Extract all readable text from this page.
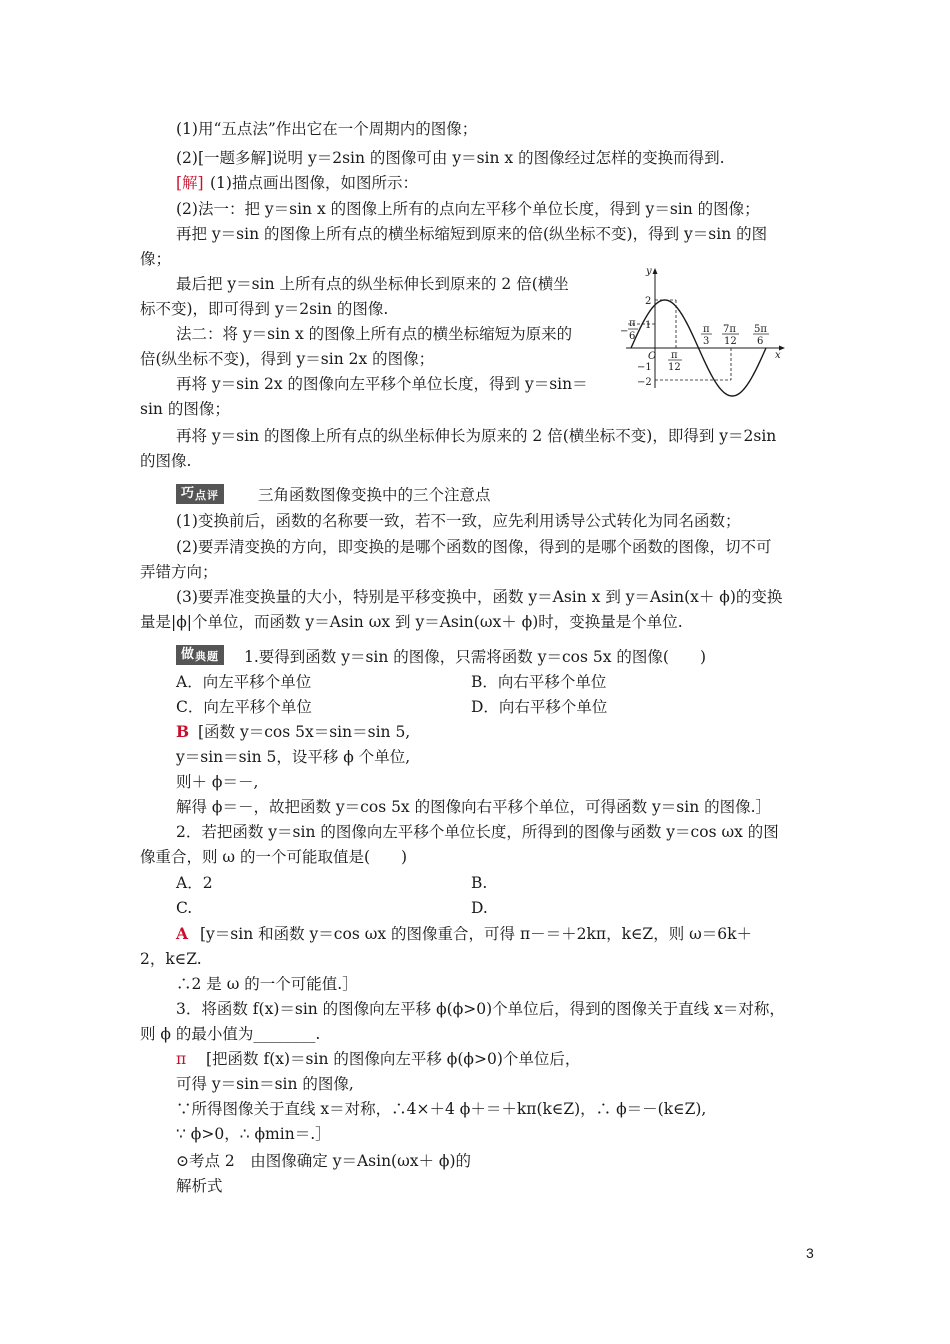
(1)用“五点法”作出它在一个周期内的图像；
(2)[一题多解]说明 y＝2sin 的图像可由 y＝sin x 的图像经过怎样的变换而得到.
[解] (1)描点画出图像，如图所示：
(2)法一：把 y＝sin x 的图像上所有的点向左平移个单位长度，得到 y＝sin 的图像；
再把 y＝sin 的图像上所有点的横坐标缩短到原来的倍(纵坐标不变)，得到 y＝sin 的图
像；
最后把 y＝sin 上所有点的纵坐标伸长到原来的 2 倍(横坐
标不变)，即可得到 y＝2sin 的图像.
法二：将 y＝sin x 的图像上所有点的横坐标缩短为原来的
倍(纵坐标不变)，得到 y＝sin 2x 的图像；
再将 y＝sin 2x 的图像向左平移个单位长度，得到 y＝sin＝
sin 的图像；
再将 y＝sin 的图像上所有点的纵坐标伸长为原来的 2 倍(横坐标不变)，即得到 y＝2sin
的图像.
巧点评	三角函数图像变换中的三个注意点
(1)变换前后，函数的名称要一致，若不一致，应先利用诱导公式转化为同名函数；
(2)要弄清变换的方向，即变换的是哪个函数的图像，得到的是哪个函数的图像，切不可
弄错方向；
(3)要弄准变换量的大小，特别是平移变换中，函数 y＝Asin x 到 y＝Asin(x＋ ϕ)的变换
量是|ϕ|个单位，而函数 y＝Asin ωx 到 y＝Asin(ωx＋ ϕ)时，变换量是个单位.
做典题	1.要得到函数 y＝sin 的图像，只需将函数 y＝cos 5x 的图像(　　)
A．向左平移个单位	B．向右平移个单位
C．向左平移个单位	D．向右平移个单位
B [函数 y＝cos 5x＝sin＝sin 5,
y＝sin＝sin 5，设平移 ϕ 个单位,
则＋ ϕ＝－,
解得 ϕ＝－，故把函数 y＝cos 5x 的图像向右平移个单位，可得函数 y＝sin 的图像.］
2．若把函数 y＝sin 的图像向左平移个单位长度，所得到的图像与函数 y＝cos ωx 的图
像重合，则 ω 的一个可能取值是(　　)
A．2	B.
C.	D.
A [y＝sin 和函数 y＝cos ωx 的图像重合，可得 π－＝＋2kπ，k∈Z，则 ω＝6k＋
2，k∈Z.
∴2 是 ω 的一个可能值.］
3．将函数 f(x)＝sin 的图像向左平移 ϕ(ϕ>0)个单位后，得到的图像关于直线 x＝对称，
则 ϕ 的最小值为________.
π [把函数 f(x)＝sin 的图像向左平移 ϕ(ϕ>0)个单位后，
可得 y＝sin＝sin 的图像,
∵所得图像关于直线 x＝对称，∴4×＋4 ϕ＋＝＋kπ(k∈Z)，∴ ϕ＝－(k∈Z),
∵ ϕ>0，∴ ϕmin＝.］
⊙考点 2　由图像确定 y＝Asin(ωx＋ ϕ)的
解析式
y
x
O
2
1
−1
−2
−
π
6
π
12
π
3
7π
12
5π
6
3
